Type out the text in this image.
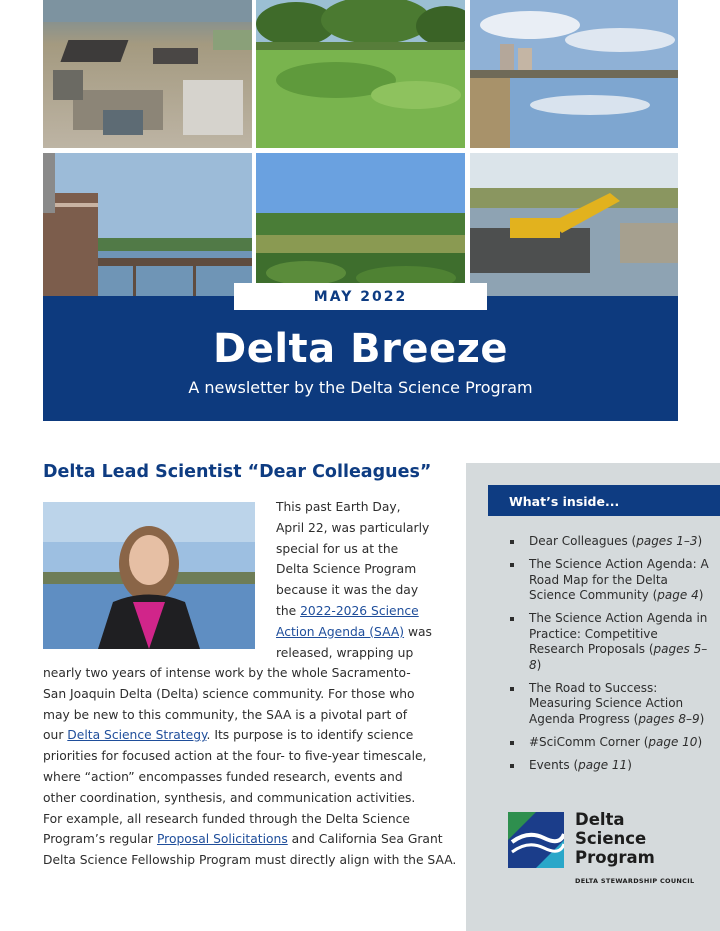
MAY 2022
Delta Breeze
A newsletter by the Delta Science Program
Delta Lead Scientist “Dear Colleagues”
This past Earth Day,
April 22, was particularly
special for us at the
Delta Science Program
because it was the day
the 2022-2026 Science
Action Agenda (SAA) was
released, wrapping up
nearly two years of intense work by the whole Sacramento-
San Joaquin Delta (Delta) science community. For those who
may be new to this community, the SAA is a pivotal part of
our Delta Science Strategy. Its purpose is to identify science
priorities for focused action at the four- to five-year timescale,
where “action” encompasses funded research, events and
other coordination, synthesis, and communication activities.
For example, all research funded through the Delta Science
Program’s regular Proposal Solicitations and California Sea Grant
Delta Science Fellowship Program must directly align with the SAA.
What’s inside...
Dear Colleagues (pages 1–3)
The Science Action Agenda: A Road Map for the Delta Science Community (page 4)
The Science Action Agenda in Practice: Competitive Research Proposals (pages 5–8)
The Road to Success: Measuring Science Action Agenda Progress (pages 8–9)
#SciComm Corner (page 10)
Events (page 11)
Delta
Science
Program
DELTA STEWARDSHIP COUNCIL
